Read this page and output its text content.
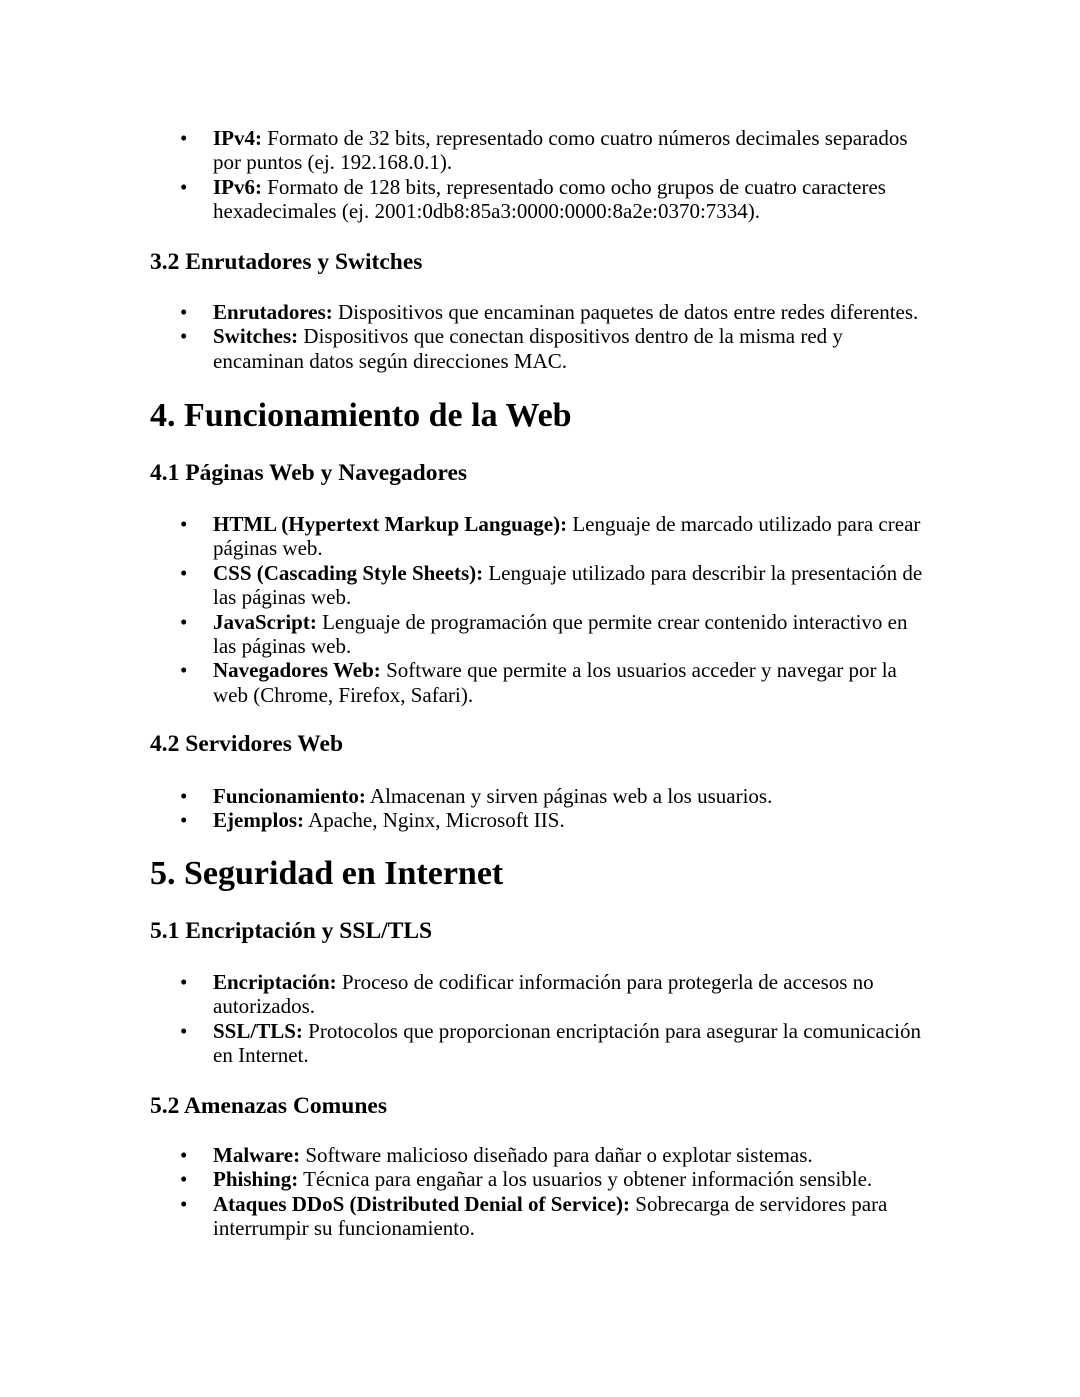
• IPv4: Formato de 32 bits, representado como cuatro números decimales separados por puntos (ej. 192.168.0.1).
• IPv6: Formato de 128 bits, representado como ocho grupos de cuatro caracteres hexadecimales (ej. 2001:0db8:85a3:0000:0000:8a2e:0370:7334).
3.2 Enrutadores y Switches
• Enrutadores: Dispositivos que encaminan paquetes de datos entre redes diferentes.
• Switches: Dispositivos que conectan dispositivos dentro de la misma red y encaminan datos según direcciones MAC.
4. Funcionamiento de la Web
4.1 Páginas Web y Navegadores
• HTML (Hypertext Markup Language): Lenguaje de marcado utilizado para crear páginas web.
• CSS (Cascading Style Sheets): Lenguaje utilizado para describir la presentación de las páginas web.
• JavaScript: Lenguaje de programación que permite crear contenido interactivo en las páginas web.
• Navegadores Web: Software que permite a los usuarios acceder y navegar por la web (Chrome, Firefox, Safari).
4.2 Servidores Web
• Funcionamiento: Almacenan y sirven páginas web a los usuarios.
• Ejemplos: Apache, Nginx, Microsoft IIS.
5. Seguridad en Internet
5.1 Encriptación y SSL/TLS
• Encriptación: Proceso de codificar información para protegerla de accesos no autorizados.
• SSL/TLS: Protocolos que proporcionan encriptación para asegurar la comunicación en Internet.
5.2 Amenazas Comunes
• Malware: Software malicioso diseñado para dañar o explotar sistemas.
• Phishing: Técnica para engañar a los usuarios y obtener información sensible.
• Ataques DDoS (Distributed Denial of Service): Sobrecarga de servidores para interrumpir su funcionamiento.
